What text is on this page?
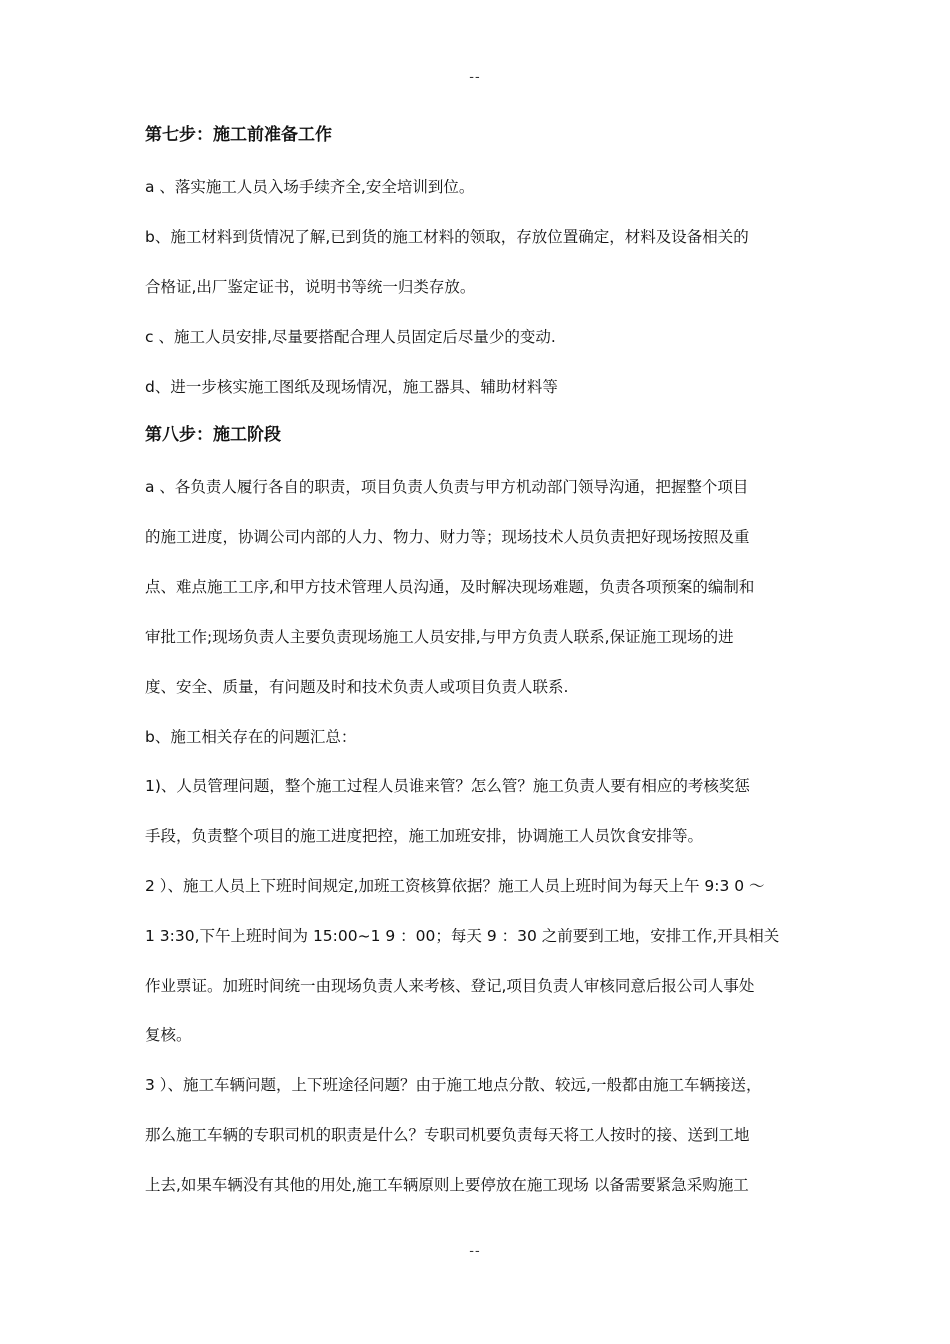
--
第七步：施工前准备工作
a 、落实施工人员入场手续齐全,安全培训到位。
b、施工材料到货情况了解,已到货的施工材料的领取，存放位置确定，材料及设备相关的
合格证,出厂鉴定证书，说明书等统一归类存放。
c 、施工人员安排,尽量要搭配合理人员固定后尽量少的变动.
d、进一步核实施工图纸及现场情况，施工器具、辅助材料等
第八步：施工阶段
a 、各负责人履行各自的职责，项目负责人负责与甲方机动部门领导沟通，把握整个项目
的施工进度，协调公司内部的人力、物力、财力等；现场技术人员负责把好现场按照及重
点、难点施工工序,和甲方技术管理人员沟通，及时解决现场难题，负责各项预案的编制和
审批工作;现场负责人主要负责现场施工人员安排,与甲方负责人联系,保证施工现场的进
度、安全、质量，有问题及时和技术负责人或项目负责人联系.
b、施工相关存在的问题汇总：
1)、人员管理问题，整个施工过程人员谁来管？怎么管？施工负责人要有相应的考核奖惩
手段，负责整个项目的施工进度把控，施工加班安排，协调施工人员饮食安排等。
2 ）、施工人员上下班时间规定,加班工资核算依据？施工人员上班时间为每天上午 9:3 0 ～
1 3:30,下午上班时间为 15:00~1 9 ：00；每天 9 ：30 之前要到工地，安排工作,开具相关
作业票证。加班时间统一由现场负责人来考核、登记,项目负责人审核同意后报公司人事处
复核。
3 ）、施工车辆问题，上下班途径问题？由于施工地点分散、较远,一般都由施工车辆接送，
那么施工车辆的专职司机的职责是什么？专职司机要负责每天将工人按时的接、送到工地
上去,如果车辆没有其他的用处,施工车辆原则上要停放在施工现场 以备需要紧急采购施工
--
